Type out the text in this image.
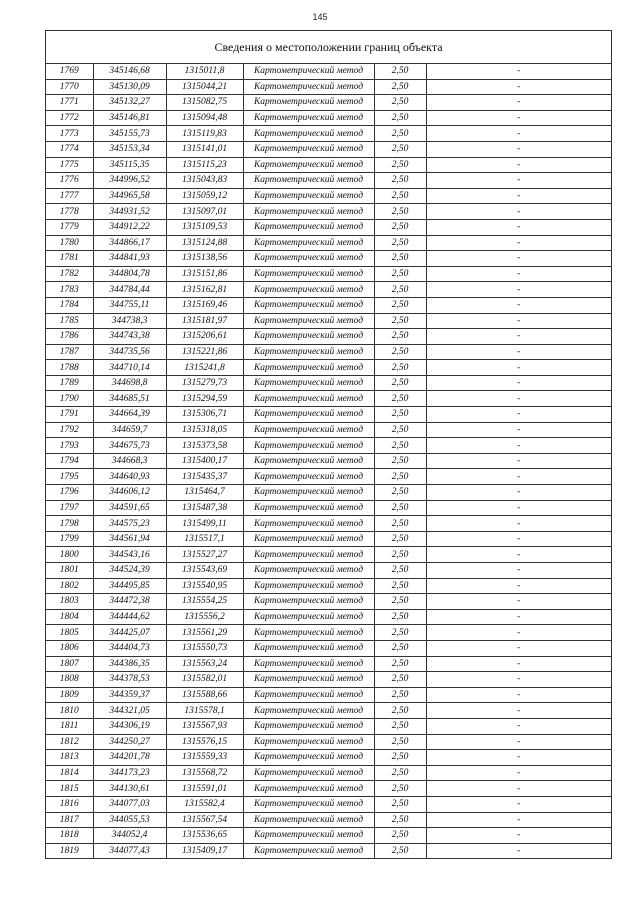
145
Сведения о местоположении границ объекта
1769	345146,68	1315011,8	Картометрический метод	2,50	-
1770	345130,09	1315044,21	Картометрический метод	2,50	-
1771	345132,27	1315082,75	Картометрический метод	2,50	-
1772	345146,81	1315094,48	Картометрический метод	2,50	-
1773	345155,73	1315119,83	Картометрический метод	2,50	-
1774	345153,34	1315141,01	Картометрический метод	2,50	-
1775	345115,35	1315115,23	Картометрический метод	2,50	-
1776	344996,52	1315043,83	Картометрический метод	2,50	-
1777	344965,58	1315059,12	Картометрический метод	2,50	-
1778	344931,52	1315097,01	Картометрический метод	2,50	-
1779	344912,22	1315109,53	Картометрический метод	2,50	-
1780	344866,17	1315124,88	Картометрический метод	2,50	-
1781	344841,93	1315138,56	Картометрический метод	2,50	-
1782	344804,78	1315151,86	Картометрический метод	2,50	-
1783	344784,44	1315162,81	Картометрический метод	2,50	-
1784	344755,11	1315169,46	Картометрический метод	2,50	-
1785	344738,3	1315181,97	Картометрический метод	2,50	-
1786	344743,38	1315206,61	Картометрический метод	2,50	-
1787	344735,56	1315221,86	Картометрический метод	2,50	-
1788	344710,14	1315241,8	Картометрический метод	2,50	-
1789	344698,8	1315279,73	Картометрический метод	2,50	-
1790	344685,51	1315294,59	Картометрический метод	2,50	-
1791	344664,39	1315306,71	Картометрический метод	2,50	-
1792	344659,7	1315318,05	Картометрический метод	2,50	-
1793	344675,73	1315373,58	Картометрический метод	2,50	-
1794	344668,3	1315400,17	Картометрический метод	2,50	-
1795	344640,93	1315435,37	Картометрический метод	2,50	-
1796	344606,12	1315464,7	Картометрический метод	2,50	-
1797	344591,65	1315487,38	Картометрический метод	2,50	-
1798	344575,23	1315499,11	Картометрический метод	2,50	-
1799	344561,94	1315517,1	Картометрический метод	2,50	-
1800	344543,16	1315527,27	Картометрический метод	2,50	-
1801	344524,39	1315543,69	Картометрический метод	2,50	-
1802	344495,85	1315540,95	Картометрический метод	2,50	-
1803	344472,38	1315554,25	Картометрический метод	2,50	-
1804	344444,62	1315556,2	Картометрический метод	2,50	-
1805	344425,07	1315561,29	Картометрический метод	2,50	-
1806	344404,73	1315550,73	Картометрический метод	2,50	-
1807	344386,35	1315563,24	Картометрический метод	2,50	-
1808	344378,53	1315582,01	Картометрический метод	2,50	-
1809	344359,37	1315588,66	Картометрический метод	2,50	-
1810	344321,05	1315578,1	Картометрический метод	2,50	-
1811	344306,19	1315567,93	Картометрический метод	2,50	-
1812	344250,27	1315576,15	Картометрический метод	2,50	-
1813	344201,78	1315559,33	Картометрический метод	2,50	-
1814	344173,23	1315568,72	Картометрический метод	2,50	-
1815	344130,61	1315591,01	Картометрический метод	2,50	-
1816	344077,03	1315582,4	Картометрический метод	2,50	-
1817	344055,53	1315567,54	Картометрический метод	2,50	-
1818	344052,4	1315536,65	Картометрический метод	2,50	-
1819	344077,43	1315409,17	Картометрический метод	2,50	-
